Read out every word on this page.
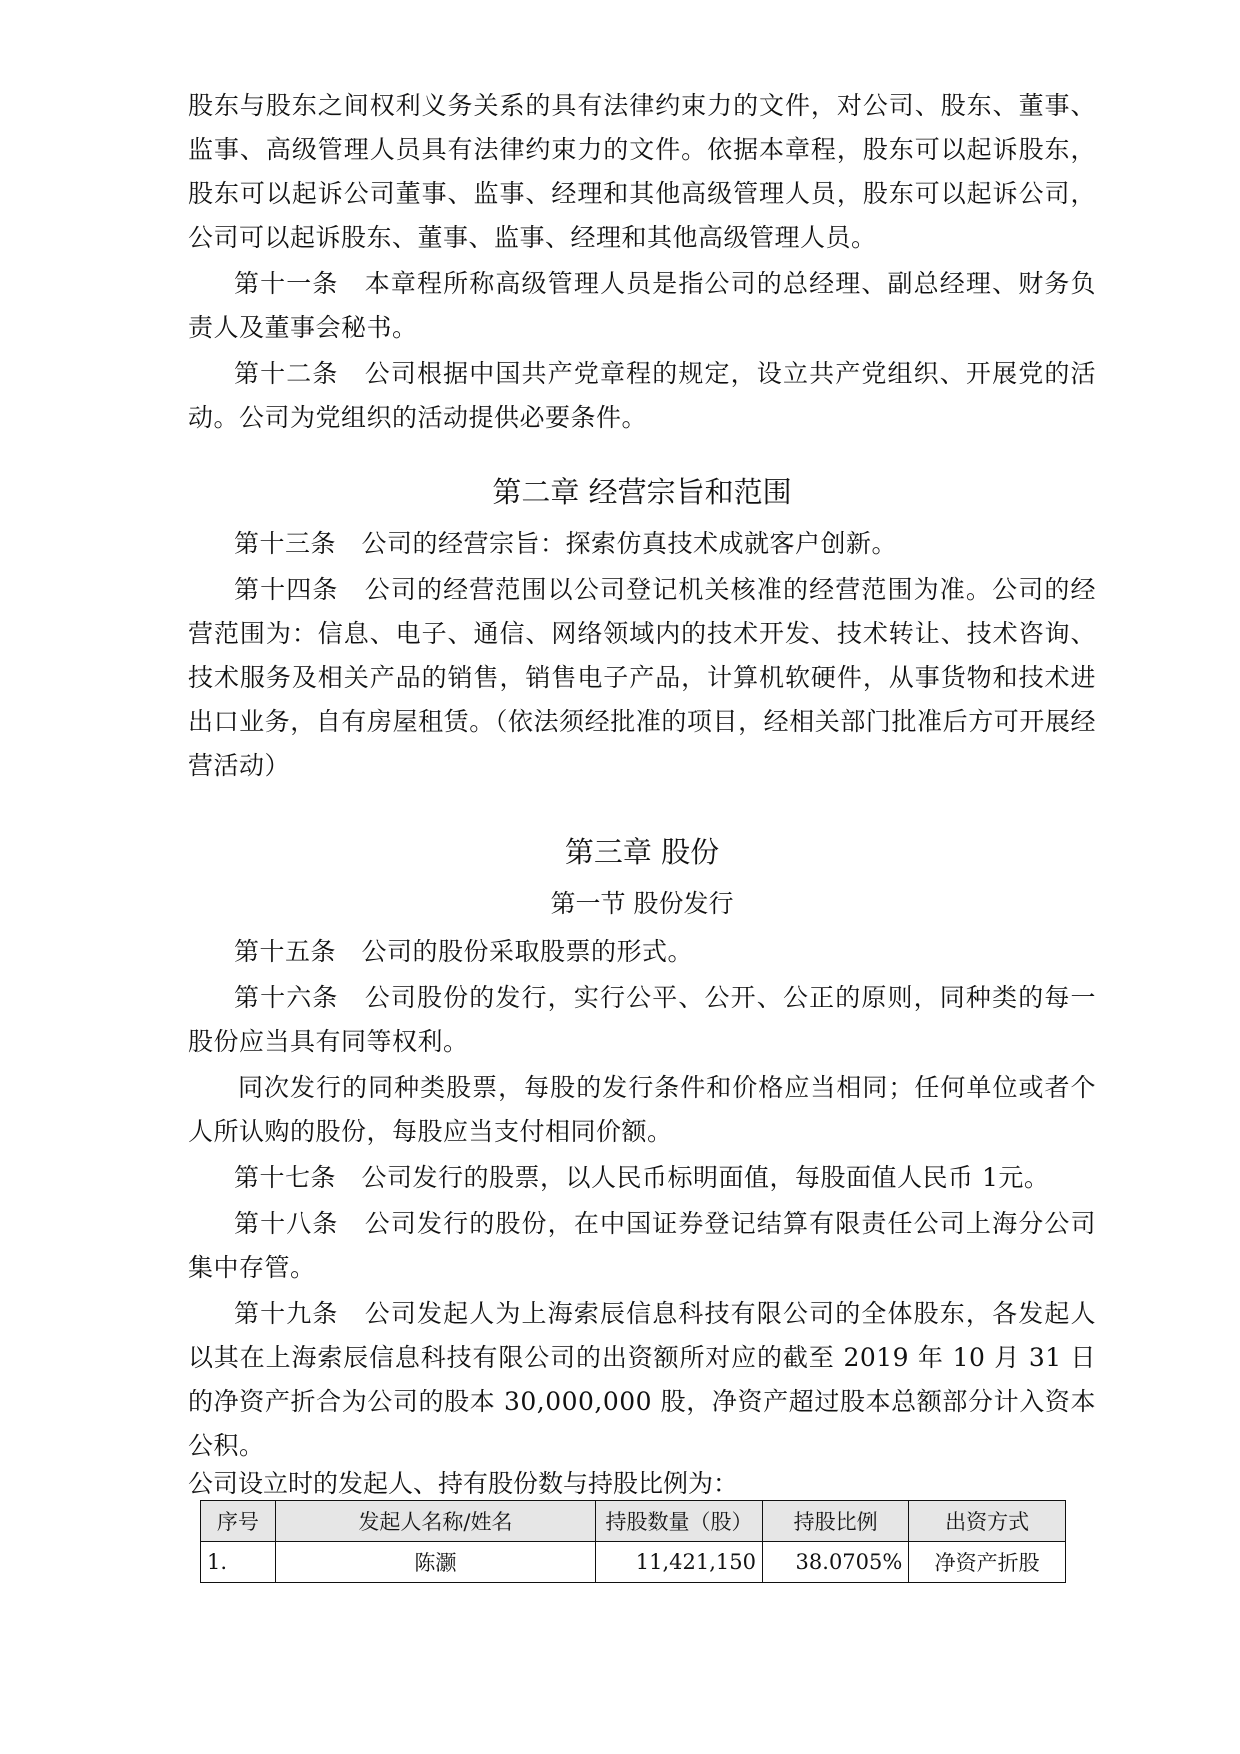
股东与股东之间权利义务关系的具有法律约束力的文件，对公司、股东、董事、监事、高级管理人员具有法律约束力的文件。依据本章程，股东可以起诉股东，股东可以起诉公司董事、监事、经理和其他高级管理人员，股东可以起诉公司，公司可以起诉股东、董事、监事、经理和其他高级管理人员。

第十一条　本章程所称高级管理人员是指公司的总经理、副总经理、财务负责人及董事会秘书。

第十二条　公司根据中国共产党章程的规定，设立共产党组织、开展党的活动。公司为党组织的活动提供必要条件。

第二章 经营宗旨和范围

第十三条　公司的经营宗旨：探索仿真技术成就客户创新。

第十四条　公司的经营范围以公司登记机关核准的经营范围为准。公司的经营范围为：信息、电子、通信、网络领域内的技术开发、技术转让、技术咨询、技术服务及相关产品的销售，销售电子产品，计算机软硬件，从事货物和技术进出口业务，自有房屋租赁。（依法须经批准的项目，经相关部门批准后方可开展经营活动）

第三章 股份
第一节 股份发行

第十五条　公司的股份采取股票的形式。

第十六条　公司股份的发行，实行公平、公开、公正的原则，同种类的每一股份应当具有同等权利。

同次发行的同种类股票，每股的发行条件和价格应当相同；任何单位或者个人所认购的股份，每股应当支付相同价额。

第十七条　公司发行的股票，以人民币标明面值，每股面值人民币 1元。

第十八条　公司发行的股份，在中国证券登记结算有限责任公司上海分公司集中存管。

第十九条　公司发起人为上海索辰信息科技有限公司的全体股东，各发起人以其在上海索辰信息科技有限公司的出资额所对应的截至 2019 年 10 月 31 日的净资产折合为公司的股本 30,000,000 股，净资产超过股本总额部分计入资本公积。

公司设立时的发起人、持有股份数与持股比例为：

序号	发起人名称/姓名	持股数量（股）	持股比例	出资方式
1.	陈灏	11,421,150	38.0705%	净资产折股
